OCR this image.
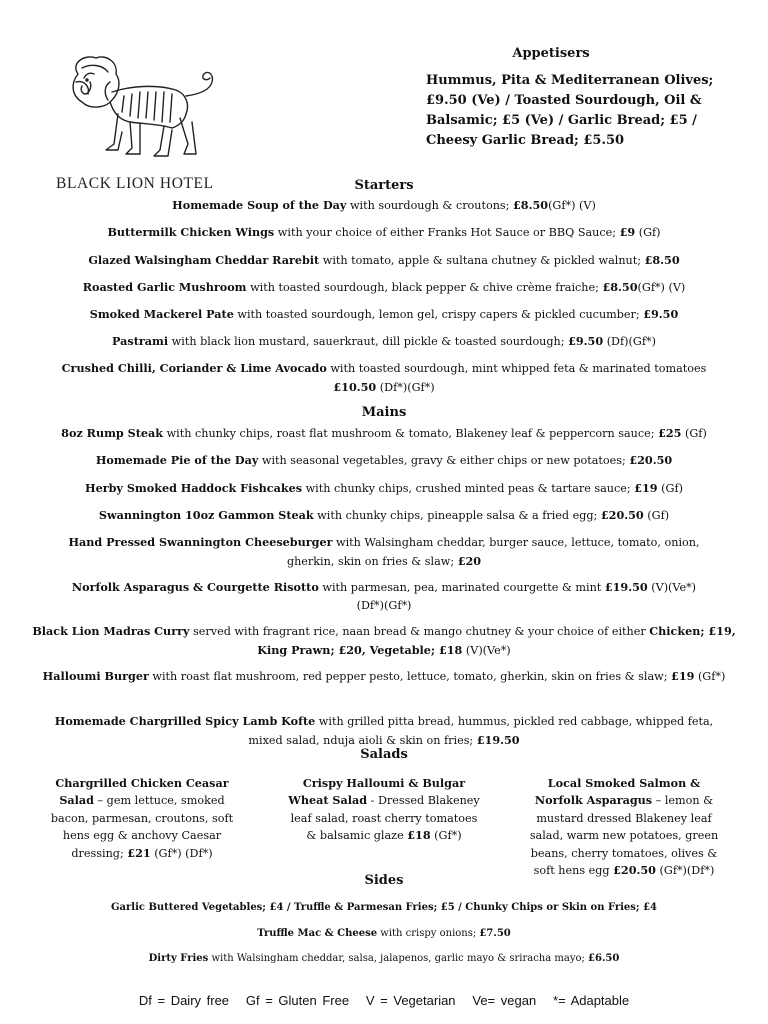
BLACK LION HOTEL
Appetisers
Hummus, Pita & Mediterranean Olives; £9.50 (Ve) / Toasted Sourdough, Oil & Balsamic; £5 (Ve) / Garlic Bread; £5 / Cheesy Garlic Bread; £5.50
Starters
Homemade Soup of the Day with sourdough & croutons; £8.50(Gf*) (V)
Buttermilk Chicken Wings with your choice of either Franks Hot Sauce or BBQ Sauce; £9 (Gf)
Glazed Walsingham Cheddar Rarebit with tomato, apple & sultana chutney & pickled walnut; £8.50
Roasted Garlic Mushroom with toasted sourdough, black pepper & chive crème fraiche; £8.50(Gf*) (V)
Smoked Mackerel Pate with toasted sourdough, lemon gel, crispy capers & pickled cucumber; £9.50
Pastrami with black lion mustard, sauerkraut, dill pickle & toasted sourdough; £9.50 (Df)(Gf*)
Crushed Chilli, Coriander & Lime Avocado with toasted sourdough, mint whipped feta & marinated tomatoes £10.50 (Df*)(Gf*)
Mains
8oz Rump Steak with chunky chips, roast flat mushroom & tomato, Blakeney leaf & peppercorn sauce; £25 (Gf)
Homemade Pie of the Day with seasonal vegetables, gravy & either chips or new potatoes; £20.50
Herby Smoked Haddock Fishcakes with chunky chips, crushed minted peas & tartare sauce; £19 (Gf)
Swannington 10oz Gammon Steak with chunky chips, pineapple salsa & a fried egg; £20.50 (Gf)
Hand Pressed Swannington Cheeseburger with Walsingham cheddar, burger sauce, lettuce, tomato, onion, gherkin, skin on fries & slaw; £20
Norfolk Asparagus & Courgette Risotto with parmesan, pea, marinated courgette & mint £19.50 (V)(Ve*)(Df*)(Gf*)
Black Lion Madras Curry served with fragrant rice, naan bread & mango chutney & your choice of either Chicken; £19, King Prawn; £20, Vegetable; £18 (V)(Ve*)
Halloumi Burger with roast flat mushroom, red pepper pesto, lettuce, tomato, gherkin, skin on fries & slaw; £19 (Gf*)
Homemade Chargrilled Spicy Lamb Kofte with grilled pitta bread, hummus, pickled red cabbage, whipped feta, mixed salad, nduja aioli & skin on fries; £19.50
Salads
Chargrilled Chicken Ceasar Salad – gem lettuce, smoked bacon, parmesan, croutons, soft hens egg & anchovy Caesar dressing; £21 (Gf*) (Df*)
Crispy Halloumi & Bulgar Wheat Salad - Dressed Blakeney leaf salad, roast cherry tomatoes & balsamic glaze £18 (Gf*)
Local Smoked Salmon & Norfolk Asparagus – lemon & mustard dressed Blakeney leaf salad, warm new potatoes, green beans, cherry tomatoes, olives & soft hens egg £20.50 (Gf*)(Df*)
Sides
Garlic Buttered Vegetables; £4 / Truffle & Parmesan Fries; £5 / Chunky Chips or Skin on Fries; £4
Truffle Mac & Cheese with crispy onions; £7.50
Dirty Fries with Walsingham cheddar, salsa, jalapenos, garlic mayo & sriracha mayo; £6.50
Df = Dairy free   Gf = Gluten Free   V = Vegetarian   Ve= vegan   *= Adaptable
